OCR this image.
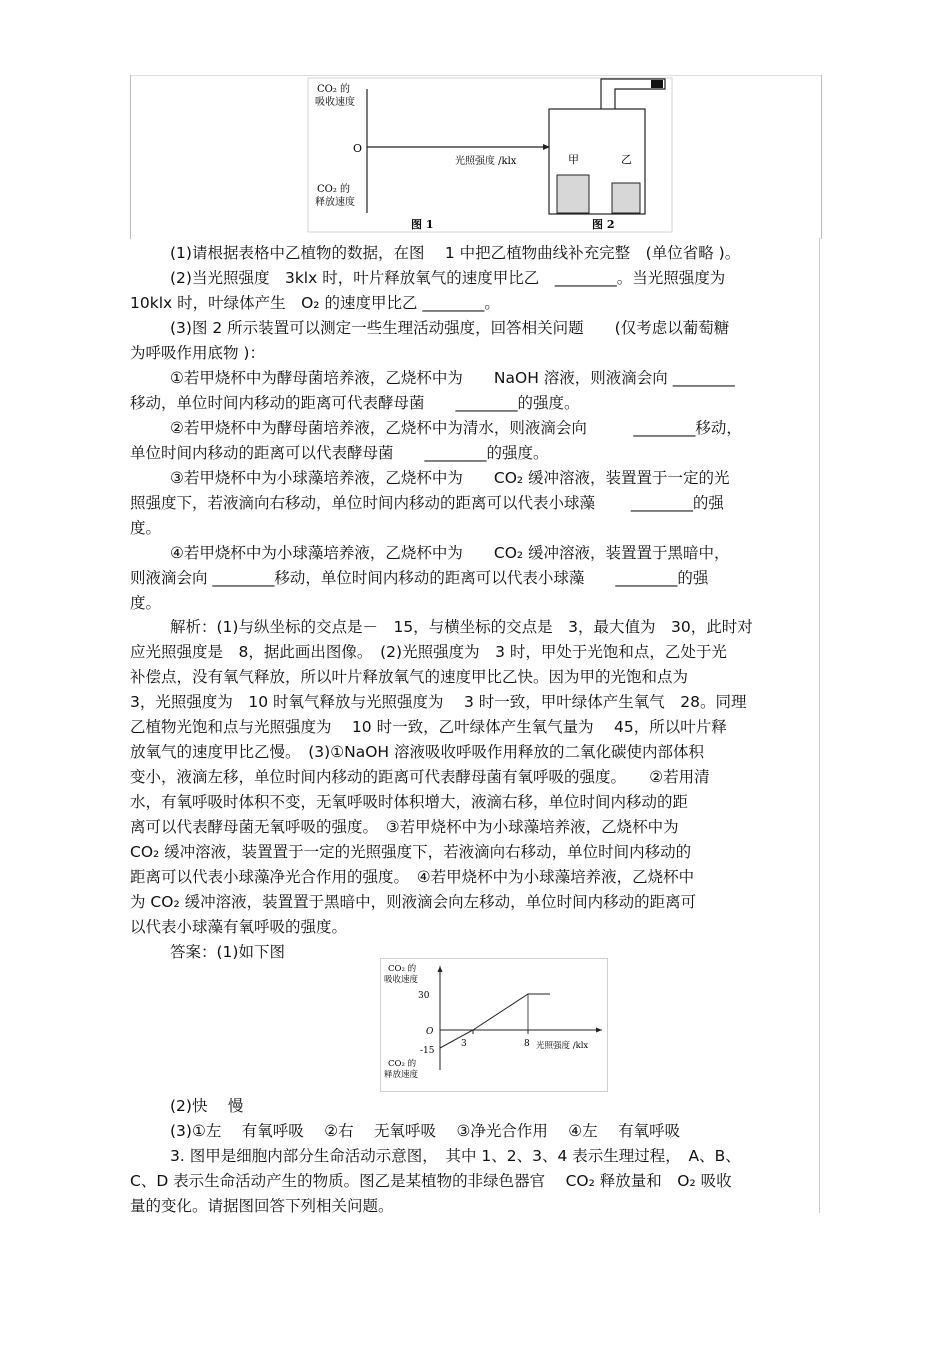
CO₂ 的
吸收速度
O
光照强度 /klx
CO₂ 的
释放速度
图 1
甲	乙
图 2
(1)请根据表格中乙植物的数据，在图　 1 中把乙植物曲线补充完整　(单位省略 )。
(2)当光照强度　3klx 时，叶片释放氧气的速度甲比乙　________。当光照强度为
10klx 时，叶绿体产生　O₂ 的速度甲比乙 ________。
(3)图 2 所示装置可以测定一些生理活动强度，回答相关问题　　(仅考虑以葡萄糖
为呼吸作用底物 )：
①若甲烧杯中为酵母菌培养液，乙烧杯中为　　NaOH 溶液，则液滴会向 ________
移动，单位时间内移动的距离可代表酵母菌　　________的强度。
②若甲烧杯中为酵母菌培养液，乙烧杯中为清水，则液滴会向　　　________移动，
单位时间内移动的距离可以代表酵母菌　　________的强度。
③若甲烧杯中为小球藻培养液，乙烧杯中为　　CO₂ 缓冲溶液，装置置于一定的光
照强度下，若液滴向右移动，单位时间内移动的距离可以代表小球藻　　 ________的强
度。
④若甲烧杯中为小球藻培养液，乙烧杯中为　　CO₂ 缓冲溶液，装置置于黑暗中，
则液滴会向 ________移动，单位时间内移动的距离可以代表小球藻　　________的强
度。
解析：(1)与纵坐标的交点是－　15，与横坐标的交点是　3，最大值为　30，此时对
应光照强度是　8，据此画出图像。　(2)光照强度为　3 时，甲处于光饱和点，乙处于光
补偿点，没有氧气释放，所以叶片释放氧气的速度甲比乙快。因为甲的光饱和点为
3，光照强度为　10 时氧气释放与光照强度为　 3 时一致，甲叶绿体产生氧气　28。同理
乙植物光饱和点与光照强度为　 10 时一致，乙叶绿体产生氧气量为　 45，所以叶片释
放氧气的速度甲比乙慢。　(3)①NaOH 溶液吸收呼吸作用释放的二氧化碳使内部体积
变小，液滴左移，单位时间内移动的距离可代表酵母菌有氧呼吸的强度。　　②若用清
水，有氧呼吸时体积不变，无氧呼吸时体积增大，液滴右移，单位时间内移动的距
离可以代表酵母菌无氧呼吸的强度。　③若甲烧杯中为小球藻培养液，乙烧杯中为
CO₂ 缓冲溶液，装置置于一定的光照强度下，若液滴向右移动，单位时间内移动的
距离可以代表小球藻净光合作用的强度。　④若甲烧杯中为小球藻培养液，乙烧杯中
为 CO₂ 缓冲溶液，装置置于黑暗中，则液滴会向左移动，单位时间内移动的距离可
以代表小球藻有氧呼吸的强度。
答案：(1)如下图
CO₂ 的
吸收速度
O
30
-15
3	8 光照强度 /klx
CO₂ 的
释放速度
(2)快　 慢
(3)①左　 有氧呼吸　 ②右　 无氧呼吸　 ③净光合作用　 ④左　 有氧呼吸
3. 图甲是细胞内部分生命活动示意图，　其中 1、2、3、4 表示生理过程，　A、B、
C、D 表示生命活动产生的物质。图乙是某植物的非绿色器官　 CO₂ 释放量和　O₂ 吸收
量的变化。请据图回答下列相关问题。
